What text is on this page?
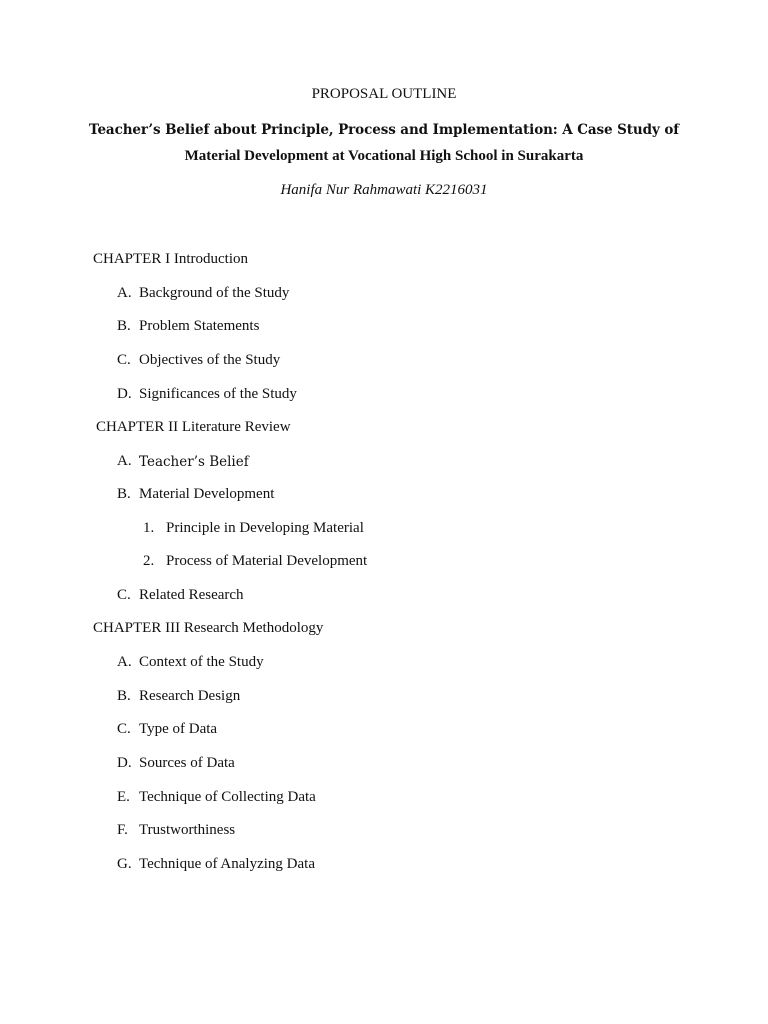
PROPOSAL OUTLINE
Teacher’s Belief about Principle, Process and Implementation: A Case Study of
Material Development at Vocational High School in Surakarta
Hanifa Nur Rahmawati K2216031
CHAPTER I Introduction
A. Background of the Study
B. Problem Statements
C. Objectives of the Study
D. Significances of the Study
CHAPTER II Literature Review
A. Teacher’s Belief
B. Material Development
1. Principle in Developing Material
2. Process of Material Development
C. Related Research
CHAPTER III Research Methodology
A. Context of the Study
B. Research Design
C. Type of Data
D. Sources of Data
E. Technique of Collecting Data
F. Trustworthiness
G. Technique of Analyzing Data
